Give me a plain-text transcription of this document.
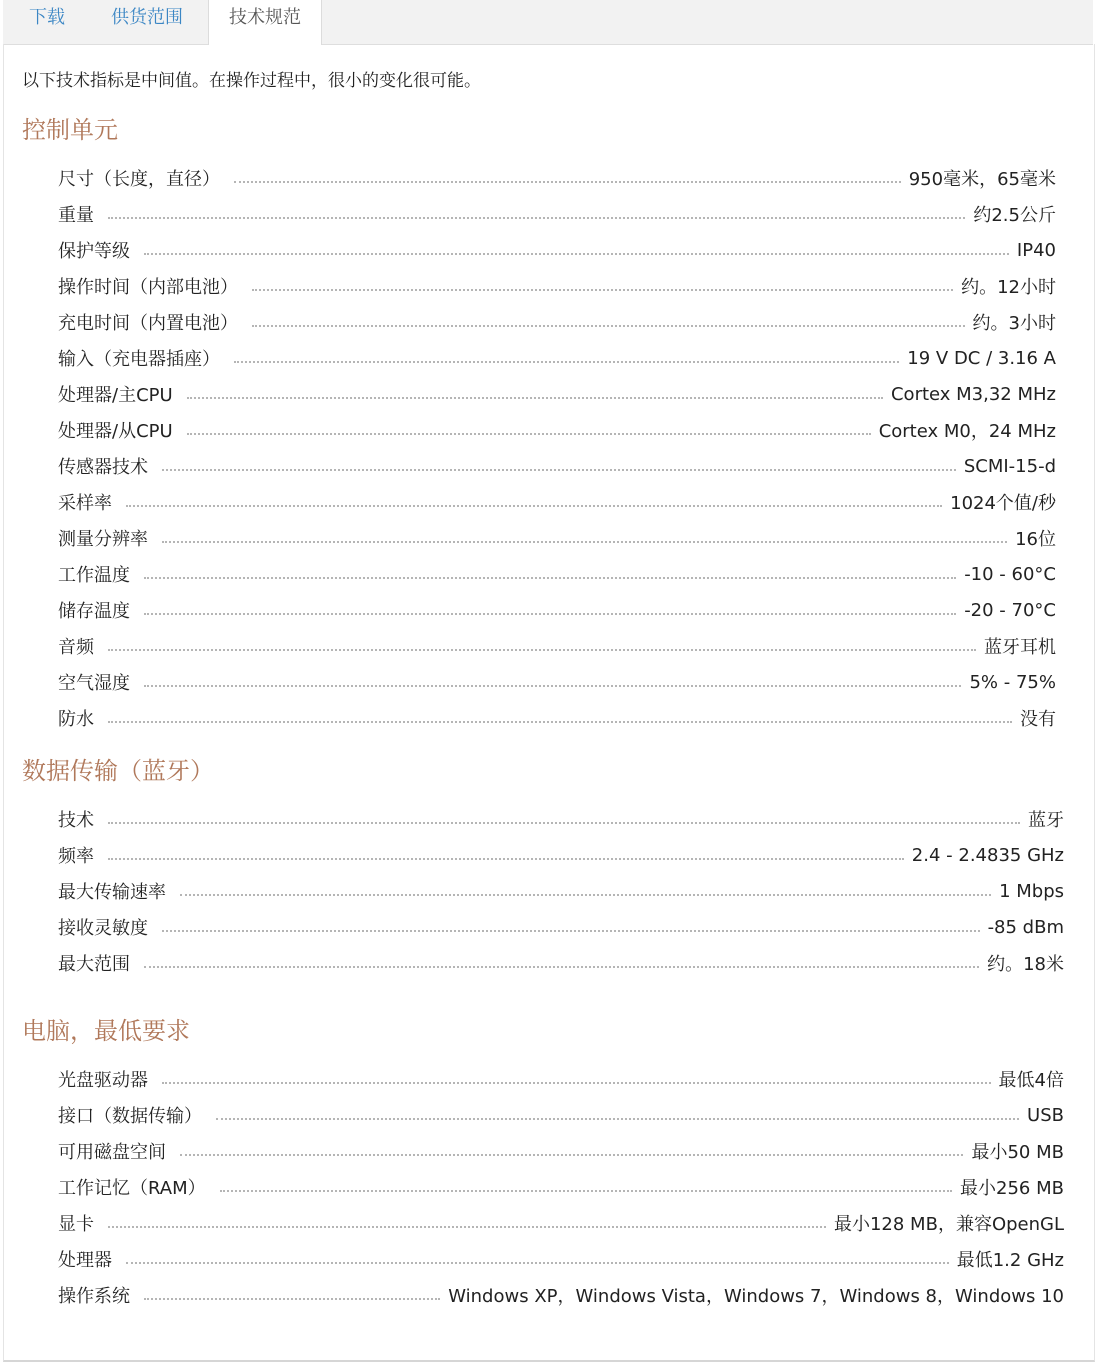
下载	供货范围	技术规范
以下技术指标是中间值。在操作过程中，很小的变化很可能。
控制单元
尺寸（长度，直径）	950毫米，65毫米
重量	约2.5公斤
保护等级	IP40
操作时间（内部电池）	约。12小时
充电时间（内置电池）	约。3小时
输入（充电器插座）	19 V DC / 3.16 A
处理器/主CPU	Cortex M3,32 MHz
处理器/从CPU	Cortex M0，24 MHz
传感器技术	SCMI-15-d
采样率	1024个值/秒
测量分辨率	16位
工作温度	-10 - 60°C
储存温度	-20 - 70°C
音频	蓝牙耳机
空气湿度	5% - 75%
防水	没有
数据传输（蓝牙）
技术	蓝牙
频率	2.4 - 2.4835 GHz
最大传输速率	1 Mbps
接收灵敏度	-85 dBm
最大范围	约。18米
电脑，最低要求
光盘驱动器	最低4倍
接口（数据传输）	USB
可用磁盘空间	最小50 MB
工作记忆（RAM）	最小256 MB
显卡	最小128 MB，兼容OpenGL
处理器	最低1.2 GHz
操作系统	Windows XP，Windows Vista，Windows 7，Windows 8，Windows 10
